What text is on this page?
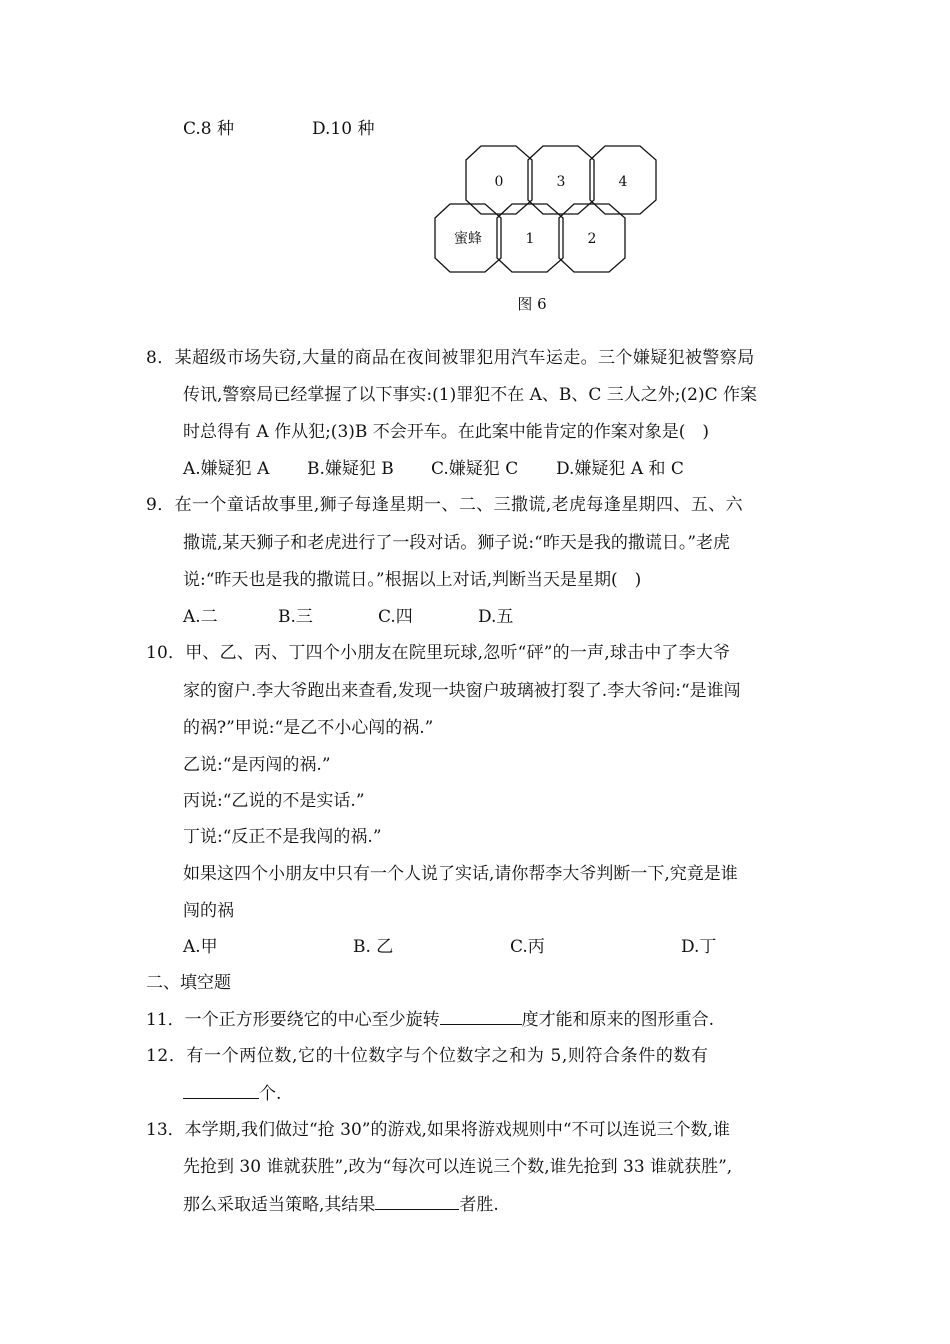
C.8 种	D.10 种
0	3	4
蜜蜂	1	2
图 6
8．某超级市场失窃,大量的商品在夜间被罪犯用汽车运走。三个嫌疑犯被警察局
传讯,警察局已经掌握了以下事实:(1)罪犯不在 A、B、C 三人之外;(2)C 作案
时总得有 A 作从犯;(3)B 不会开车。在此案中能肯定的作案对象是(　)
A.嫌疑犯 A B.嫌疑犯 B C.嫌疑犯 C D.嫌疑犯 A 和 C
9．在一个童话故事里,狮子每逢星期一、二、三撒谎,老虎每逢星期四、五、六
撒谎,某天狮子和老虎进行了一段对话。狮子说:“昨天是我的撒谎日。”老虎
说:“昨天也是我的撒谎日。”根据以上对话,判断当天是星期(　)
A.二	B.三	C.四	D.五
10．甲、乙、丙、丁四个小朋友在院里玩球,忽听“砰”的一声,球击中了李大爷
家的窗户.李大爷跑出来查看,发现一块窗户玻璃被打裂了.李大爷问:“是谁闯
的祸?”甲说:“是乙不小心闯的祸.”
乙说:“是丙闯的祸.”
丙说:“乙说的不是实话.”
丁说:“反正不是我闯的祸.”
如果这四个小朋友中只有一个人说了实话,请你帮李大爷判断一下,究竟是谁
闯的祸
A.甲	B. 乙	C.丙	D.丁
二、填空题
11．一个正方形要绕它的中心至少旋转	度才能和原来的图形重合.
12．有一个两位数,它的十位数字与个位数字之和为 5,则符合条件的数有
个.
13．本学期,我们做过“抢 30”的游戏,如果将游戏规则中“不可以连说三个数,谁
先抢到 30 谁就获胜”,改为“每次可以连说三个数,谁先抢到 33 谁就获胜”,
那么采取适当策略,其结果	者胜.
